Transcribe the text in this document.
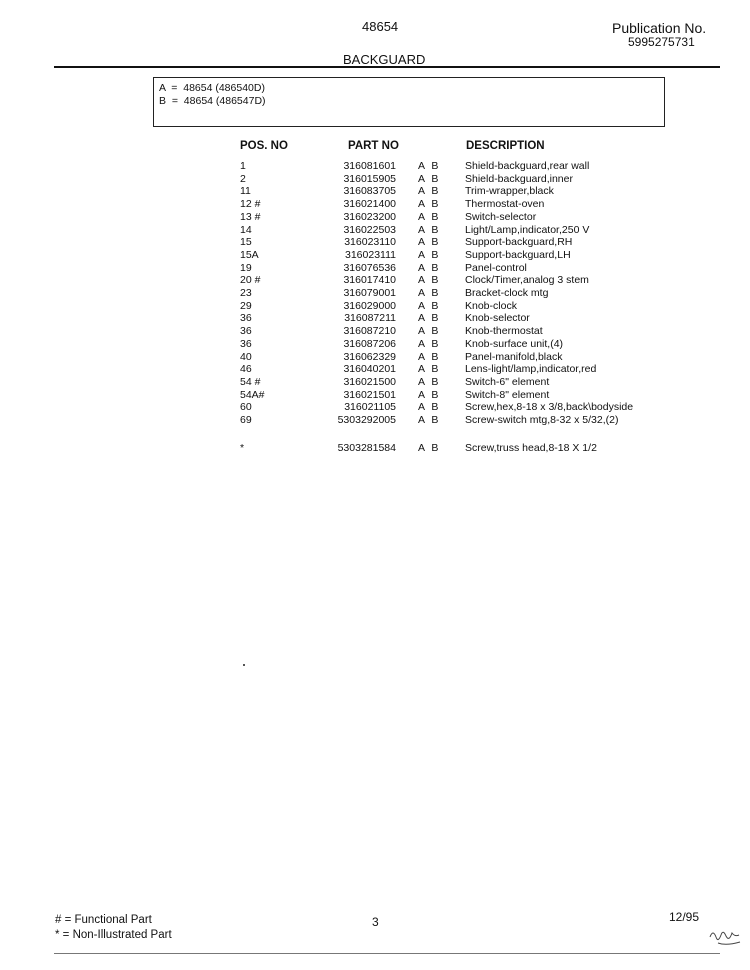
48654	Publication No.
5995275731
BACKGUARD
A  =  48654 (486540D)
B  =  48654 (486547D)
POS. NO	PART NO	DESCRIPTION
1	316081601 A B	Shield-backguard,rear wall
2	316015905 A B	Shield-backguard,inner
11	316083705 A B	Trim-wrapper,black
12 #	316021400 A B	Thermostat-oven
13 #	316023200 A B	Switch-selector
14	316022503 A B	Light/Lamp,indicator,250 V
15	316023110 A B	Support-backguard,RH
15A	316023111 A B	Support-backguard,LH
19	316076536 A B	Panel-control
20 #	316017410 A B	Clock/Timer,analog 3 stem
23	316079001 A B	Bracket-clock mtg
29	316029000 A B	Knob-clock
36	316087211 A B	Knob-selector
36	316087210 A B	Knob-thermostat
36	316087206 A B	Knob-surface unit,(4)
40	316062329 A B	Panel-manifold,black
46	316040201 A B	Lens-light/lamp,indicator,red
54 #	316021500 A B	Switch-6" element
54A#	316021501 A B	Switch-8" element
60	316021105 A B	Screw,hex,8-18 x 3/8,back\bodyside
69	5303292005 A B	Screw-switch mtg,8-32 x 5/32,(2)
*	5303281584 A B	Screw,truss head,8-18 X 1/2
# = Functional Part
* = Non-Illustrated Part
3	12/95
